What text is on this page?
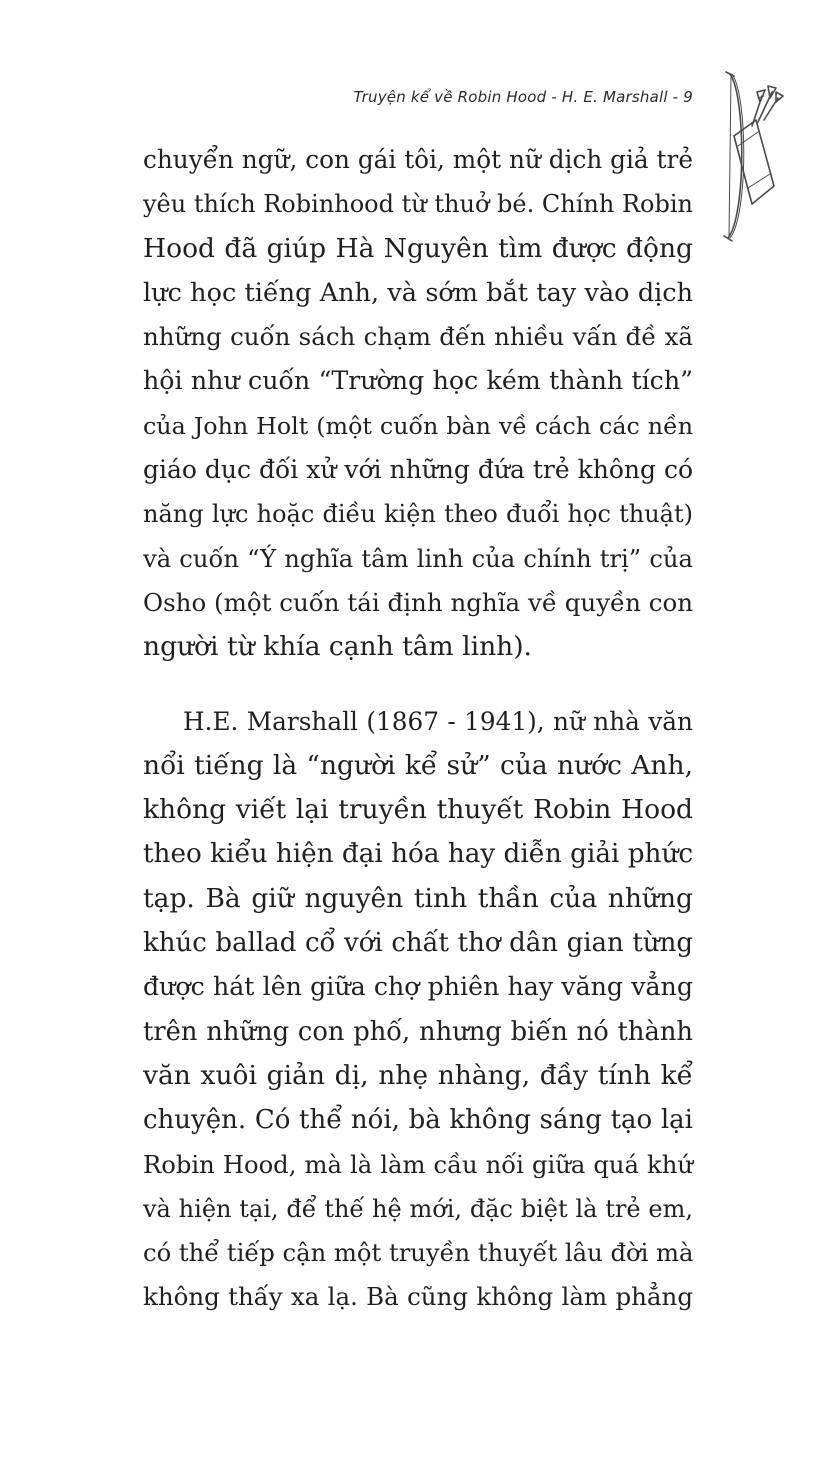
Truyện kể về Robin Hood - H. E. Marshall - 9
chuyển ngữ, con gái tôi, một nữ dịch giả trẻ
yêu thích Robinhood từ thuở bé. Chính Robin
Hood đã giúp Hà Nguyên tìm được động
lực học tiếng Anh, và sớm bắt tay vào dịch
những cuốn sách chạm đến nhiều vấn đề xã
hội như cuốn “Trường học kém thành tích”
của John Holt (một cuốn bàn về cách các nền
giáo dục đối xử với những đứa trẻ không có
năng lực hoặc điều kiện theo đuổi học thuật)
và cuốn “Ý nghĩa tâm linh của chính trị” của
Osho (một cuốn tái định nghĩa về quyền con
người từ khía cạnh tâm linh).
H.E. Marshall (1867 - 1941), nữ nhà văn
nổi tiếng là “người kể sử” của nước Anh,
không viết lại truyền thuyết Robin Hood
theo kiểu hiện đại hóa hay diễn giải phức
tạp. Bà giữ nguyên tinh thần của những
khúc ballad cổ với chất thơ dân gian từng
được hát lên giữa chợ phiên hay văng vẳng
trên những con phố, nhưng biến nó thành
văn xuôi giản dị, nhẹ nhàng, đầy tính kể
chuyện. Có thể nói, bà không sáng tạo lại
Robin Hood, mà là làm cầu nối giữa quá khứ
và hiện tại, để thế hệ mới, đặc biệt là trẻ em,
có thể tiếp cận một truyền thuyết lâu đời mà
không thấy xa lạ. Bà cũng không làm phẳng
